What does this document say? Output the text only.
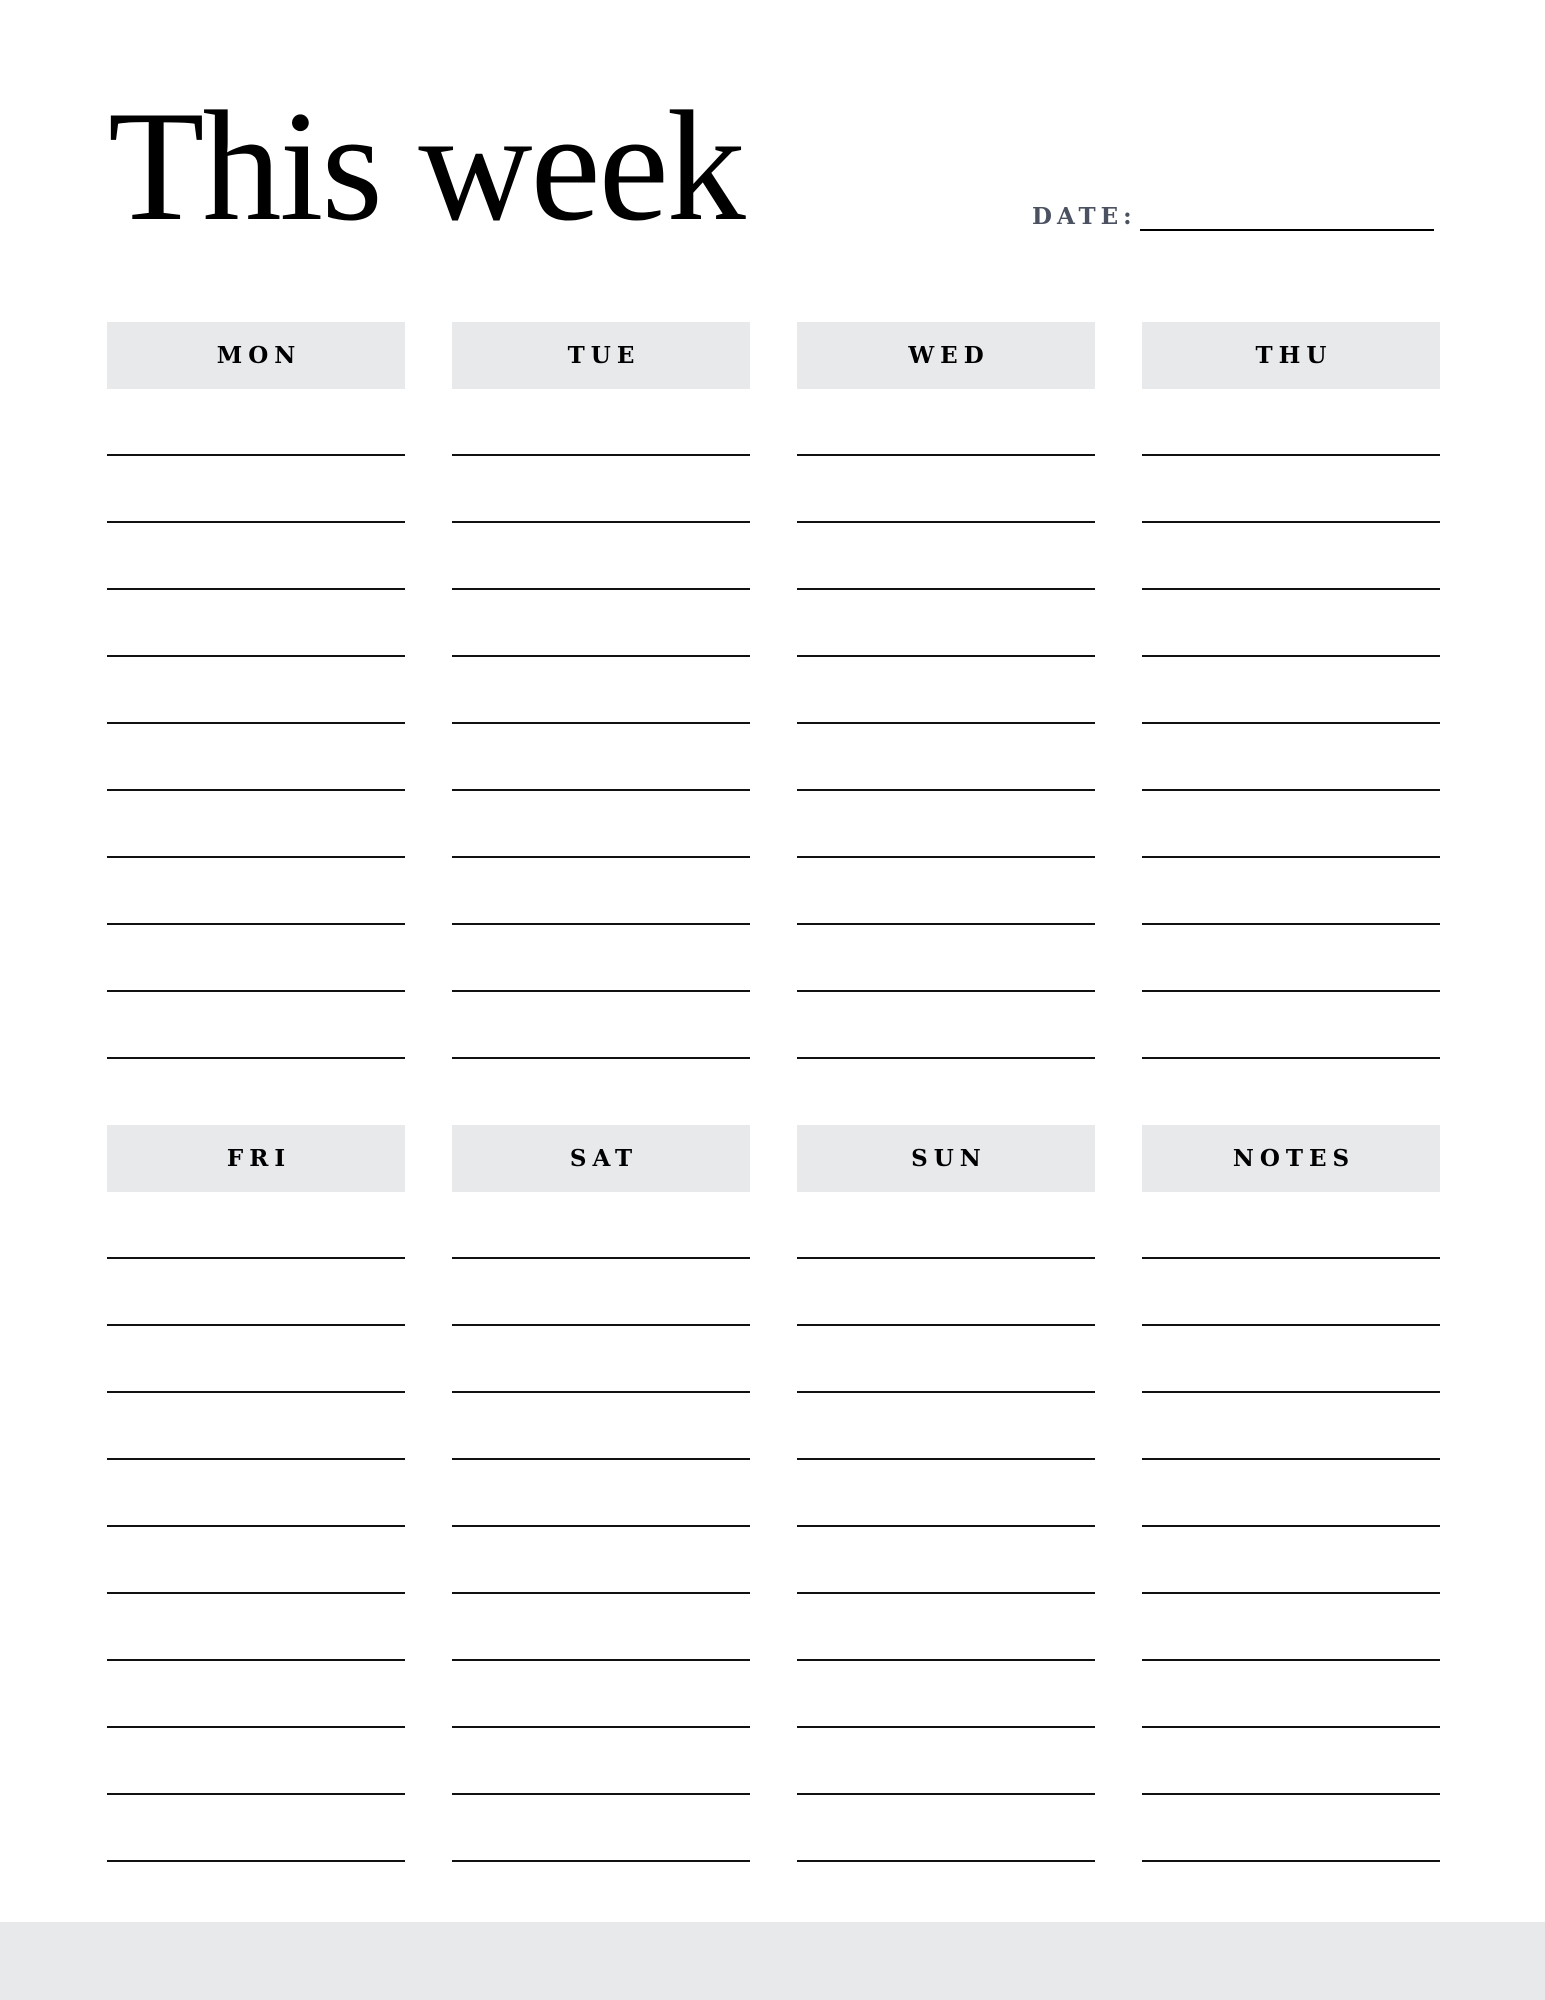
This week	DATE:
MON	TUE	WED	THU
FRI	SAT	SUN	NOTES
